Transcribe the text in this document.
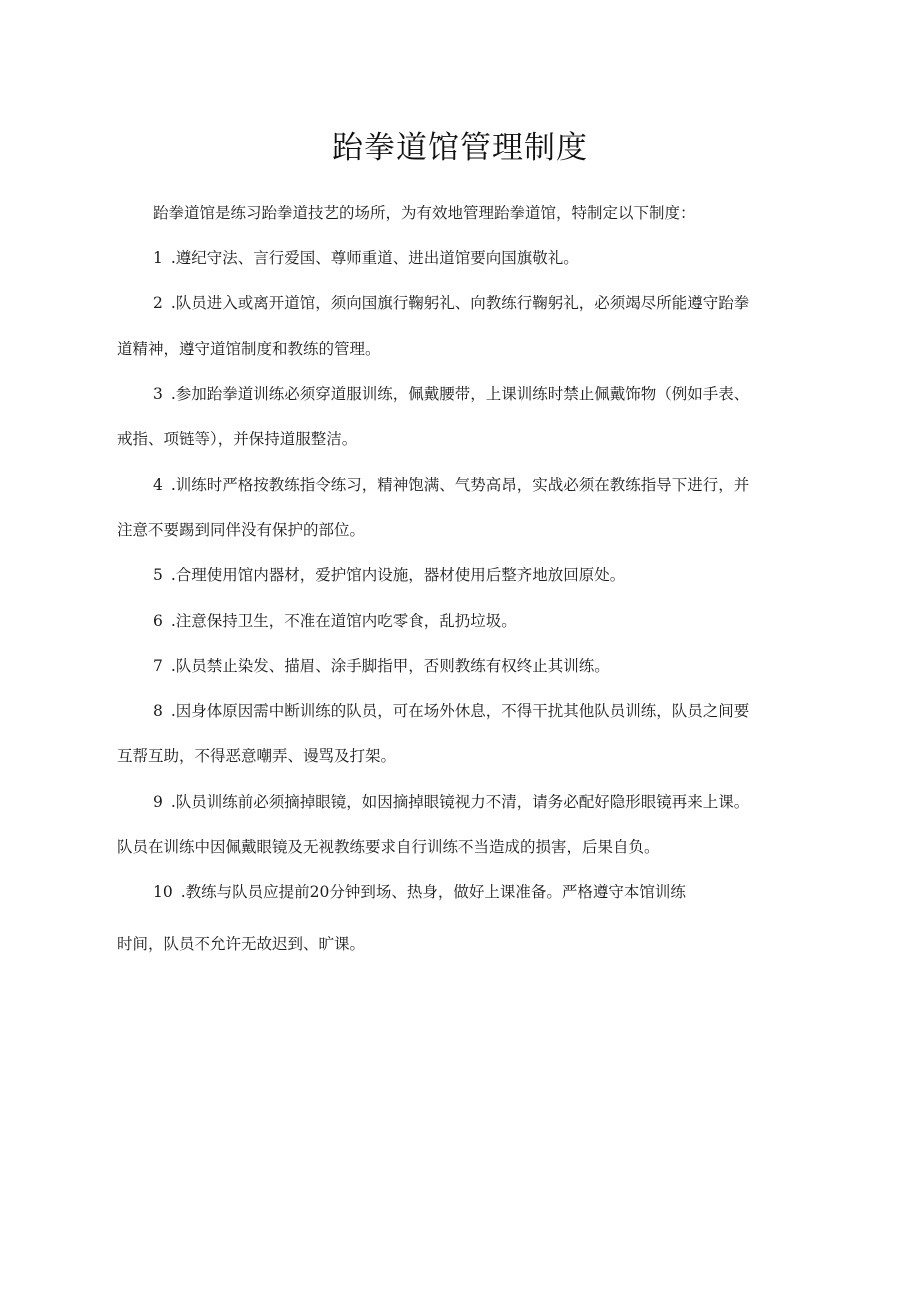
跆拳道馆管理制度

跆拳道馆是练习跆拳道技艺的场所，为有效地管理跆拳道馆，特制定以下制度：

1 .遵纪守法、言行爱国、尊师重道、进出道馆要向国旗敬礼。

2 .队员进入或离开道馆，须向国旗行鞠躬礼、向教练行鞠躬礼，必须竭尽所能遵守跆拳

道精神，遵守道馆制度和教练的管理。

3 .参加跆拳道训练必须穿道服训练，佩戴腰带，上课训练时禁止佩戴饰物（例如手表、

戒指、项链等），并保持道服整洁。

4 .训练时严格按教练指令练习，精神饱满、气势高昂，实战必须在教练指导下进行，并

注意不要踢到同伴没有保护的部位。

5 .合理使用馆内器材，爱护馆内设施，器材使用后整齐地放回原处。

6 .注意保持卫生，不准在道馆内吃零食，乱扔垃圾。

7 .队员禁止染发、描眉、涂手脚指甲，否则教练有权终止其训练。

8 .因身体原因需中断训练的队员，可在场外休息，不得干扰其他队员训练，队员之间要

互帮互助，不得恶意嘲弄、谩骂及打架。

9 .队员训练前必须摘掉眼镜，如因摘掉眼镜视力不清，请务必配好隐形眼镜再来上课。

队员在训练中因佩戴眼镜及无视教练要求自行训练不当造成的损害，后果自负。

10 .教练与队员应提前20分钟到场、热身，做好上课准备。严格遵守本馆训练

时间，队员不允许无故迟到、旷课。
